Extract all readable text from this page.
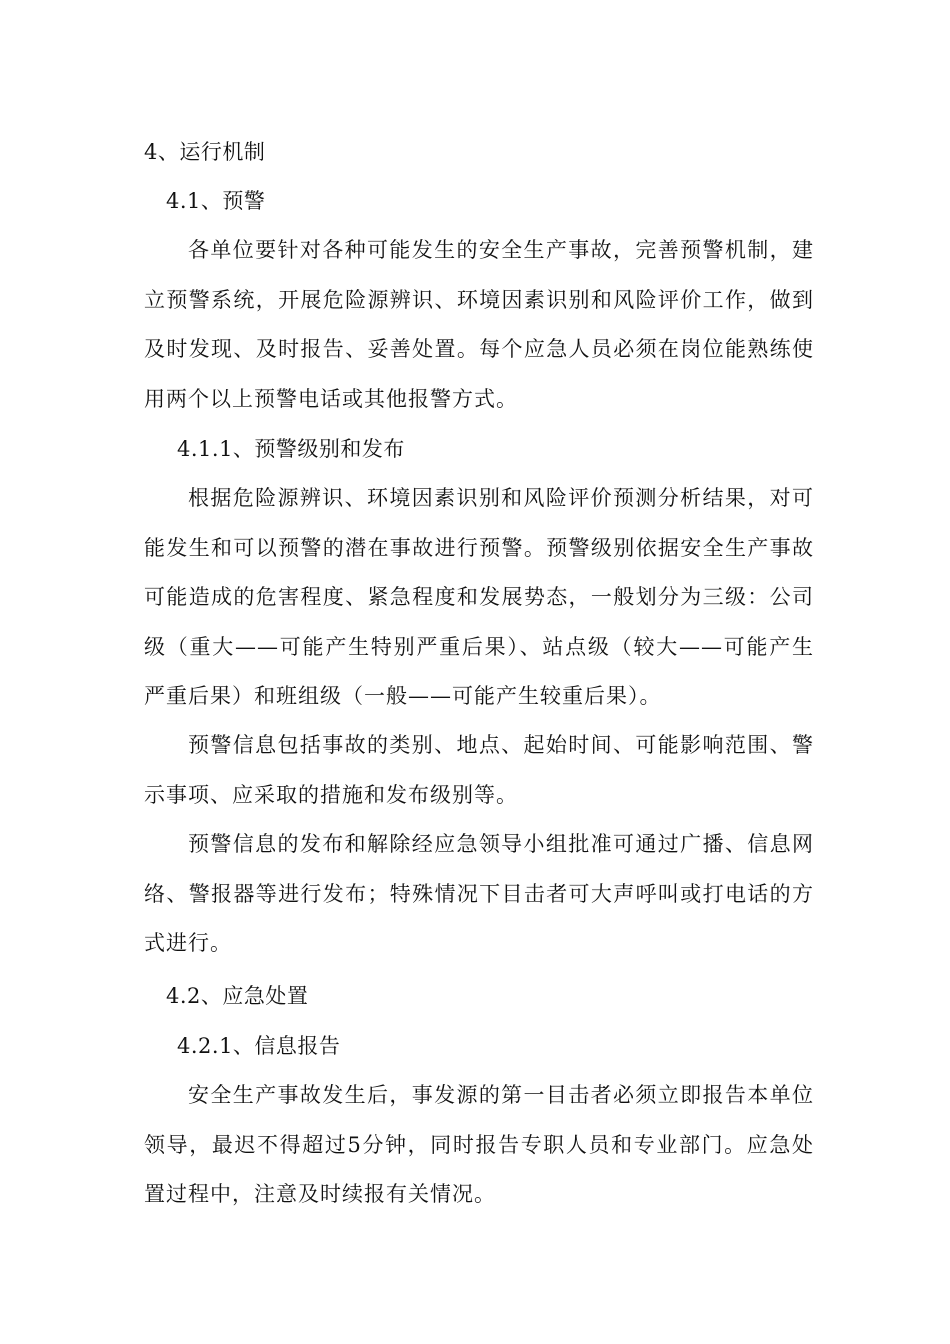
4、运行机制
4.1、预警

各单位要针对各种可能发生的安全生产事故，完善预警机制，建立预警系统，开展危险源辨识、环境因素识别和风险评价工作，做到及时发现、及时报告、妥善处置。每个应急人员必须在岗位能熟练使用两个以上预警电话或其他报警方式。

4.1.1、预警级别和发布

根据危险源辨识、环境因素识别和风险评价预测分析结果，对可能发生和可以预警的潜在事故进行预警。预警级别依据安全生产事故可能造成的危害程度、紧急程度和发展势态，一般划分为三级：公司级（重大——可能产生特别严重后果）、站点级（较大——可能产生严重后果）和班组级（一般——可能产生较重后果）。

预警信息包括事故的类别、地点、起始时间、可能影响范围、警示事项、应采取的措施和发布级别等。

预警信息的发布和解除经应急领导小组批准可通过广播、信息网络、警报器等进行发布；特殊情况下目击者可大声呼叫或打电话的方式进行。

4.2、应急处置
4.2.1、信息报告

安全生产事故发生后，事发源的第一目击者必须立即报告本单位领导，最迟不得超过5分钟，同时报告专职人员和专业部门。应急处置过程中，注意及时续报有关情况。
